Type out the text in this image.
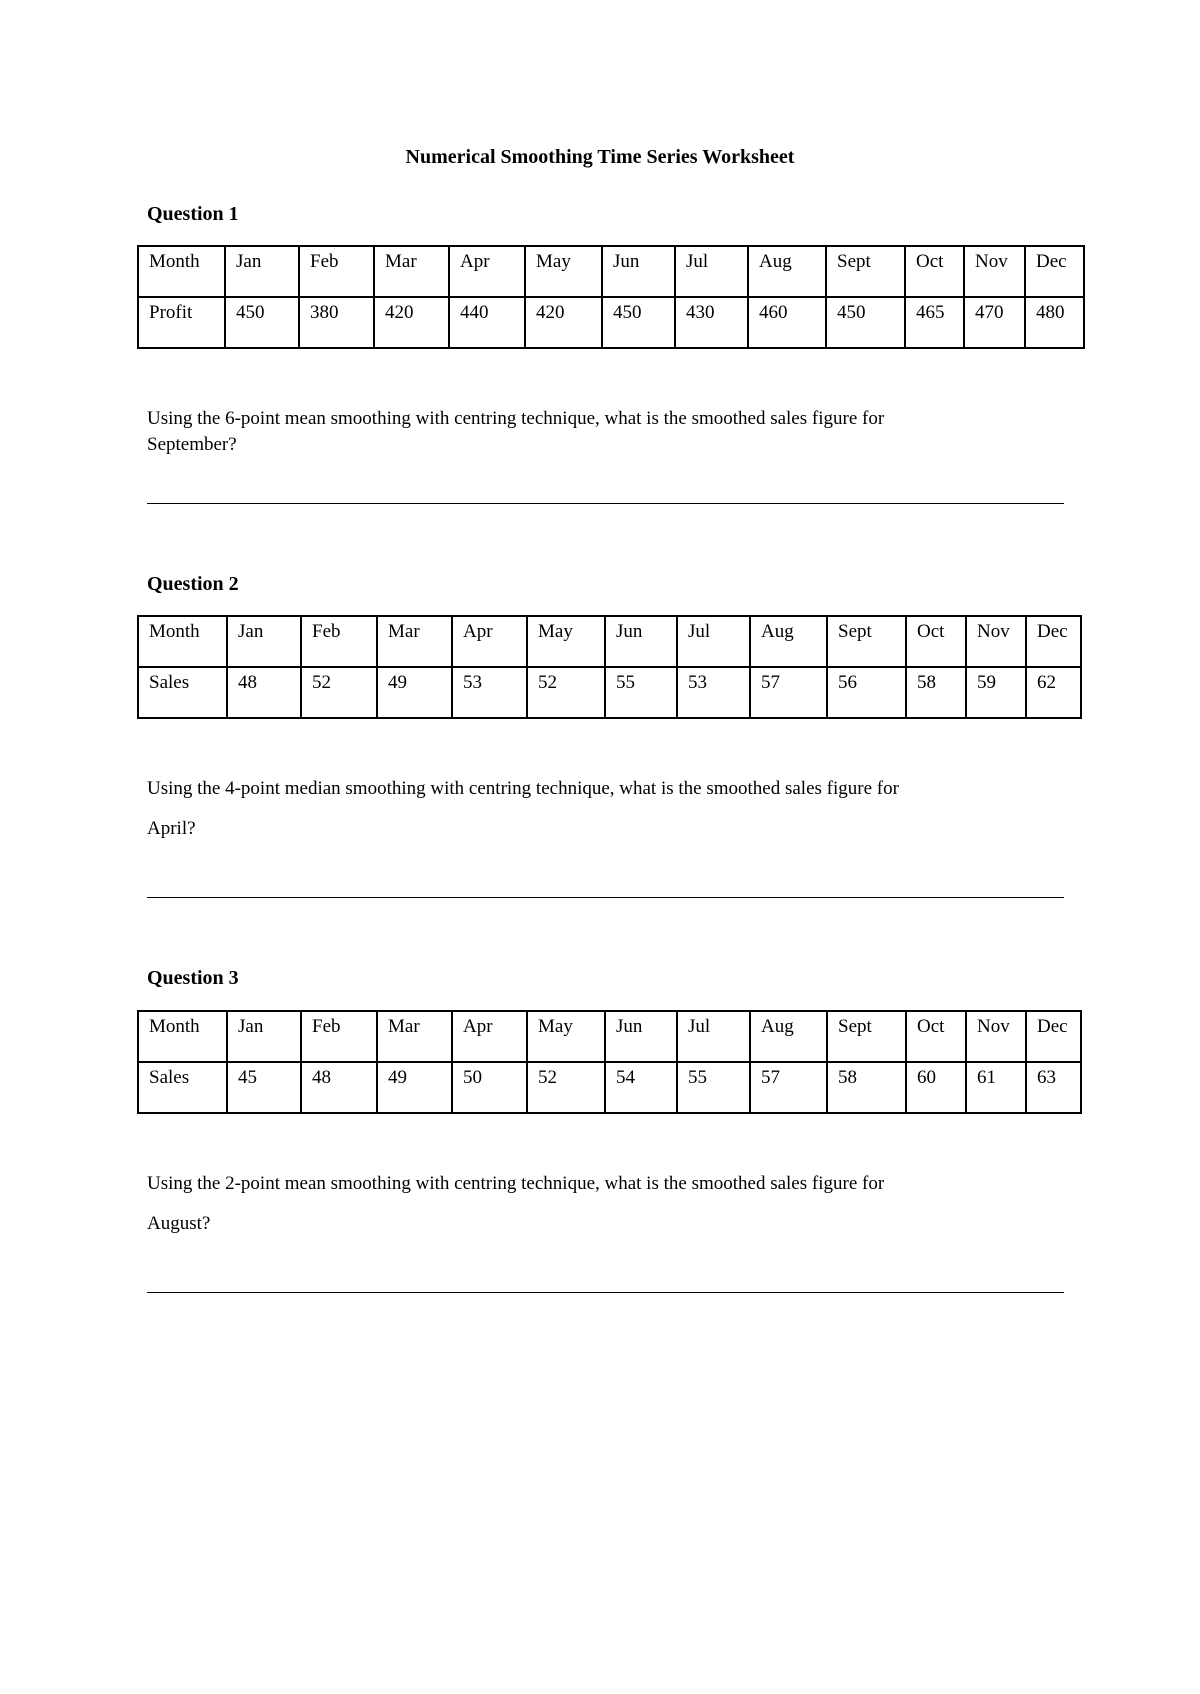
Numerical Smoothing Time Series Worksheet
Question 1
Month	Jan	Feb	Mar	Apr	May	Jun	Jul	Aug	Sept	Oct	Nov	Dec
Profit	450	380	420	440	420	450	430	460	450	465	470	480

Using the 6-point mean smoothing with centring technique, what is the smoothed sales figure for

September?

Question 2
Month	Jan	Feb	Mar	Apr	May	Jun	Jul	Aug	Sept	Oct	Nov	Dec
Sales	48	52	49	53	52	55	53	57	56	58	59	62

Using the 4-point median smoothing with centring technique, what is the smoothed sales figure for

April?

Question 3
Month	Jan	Feb	Mar	Apr	May	Jun	Jul	Aug	Sept	Oct	Nov	Dec
Sales	45	48	49	50	52	54	55	57	58	60	61	63

Using the 2-point mean smoothing with centring technique, what is the smoothed sales figure for

August?
